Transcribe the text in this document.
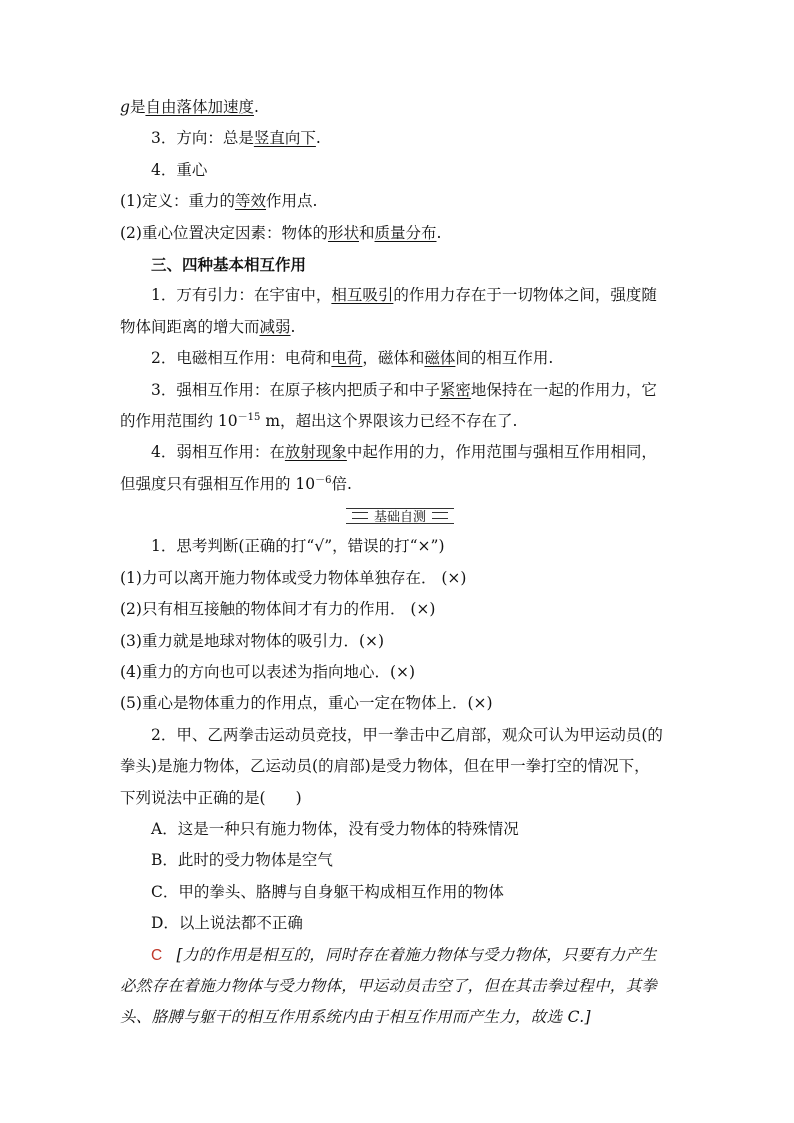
g是自由落体加速度.
3．方向：总是竖直向下.
4．重心
(1)定义：重力的等效作用点.
(2)重心位置决定因素：物体的形状和质量分布.
三、四种基本相互作用
1．万有引力：在宇宙中，相互吸引的作用力存在于一切物体之间，强度随
物体间距离的增大而减弱.
2．电磁相互作用：电荷和电荷，磁体和磁体间的相互作用.
3．强相互作用：在原子核内把质子和中子紧密地保持在一起的作用力，它
的作用范围约 $10^{-15}$ m，超出这个界限该力已经不存在了.
4．弱相互作用：在放射现象中起作用的力，作用范围与强相互作用相同，
但强度只有强相互作用的 $10^{-6}$倍.
基础自测
1．思考判断(正确的打“√”，错误的打“×”)
(1)力可以离开施力物体或受力物体单独存在． (×)
(2)只有相互接触的物体间才有力的作用． (×)
(3)重力就是地球对物体的吸引力．(×)
(4)重力的方向也可以表述为指向地心．(×)
(5)重心是物体重力的作用点，重心一定在物体上．(×)
2．甲、乙两拳击运动员竞技，甲一拳击中乙肩部，观众可认为甲运动员(的
拳头)是施力物体，乙运动员(的肩部)是受力物体，但在甲一拳打空的情况下，
下列说法中正确的是( )
A．这是一种只有施力物体，没有受力物体的特殊情况
B．此时的受力物体是空气
C．甲的拳头、胳膊与自身躯干构成相互作用的物体
D．以上说法都不正确
C [力的作用是相互的，同时存在着施力物体与受力物体，只要有力产生
必然存在着施力物体与受力物体，甲运动员击空了，但在其击拳过程中，其拳
头、胳膊与躯干的相互作用系统内由于相互作用而产生力，故选 C.]
